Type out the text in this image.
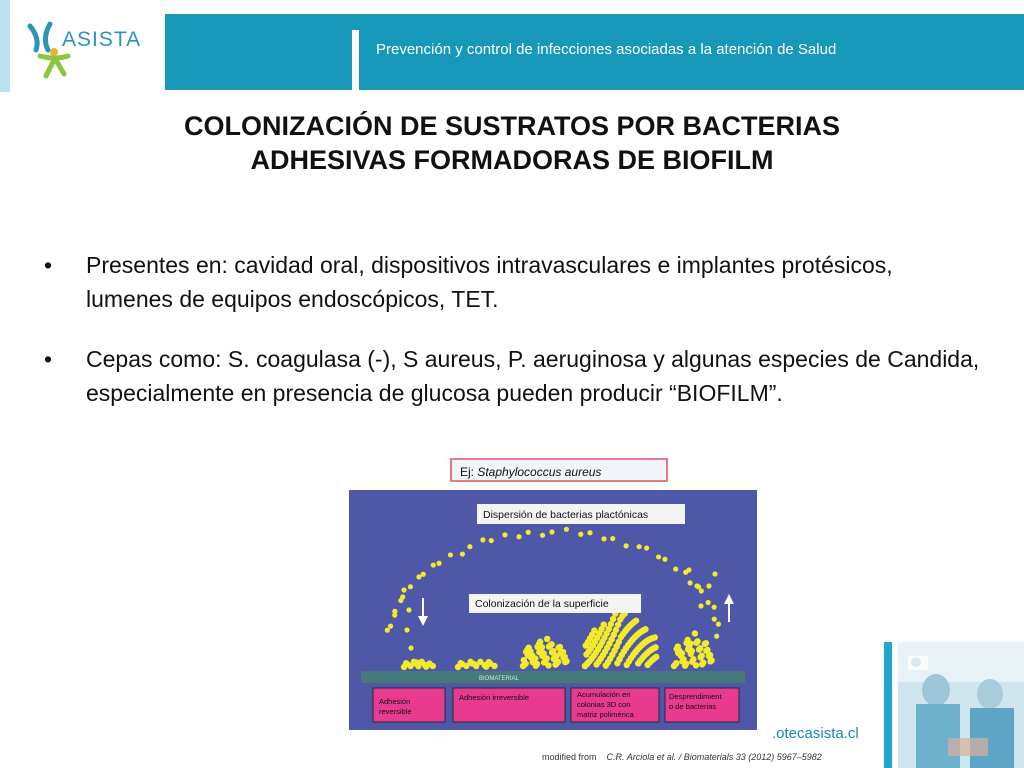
ASISTA	Prevención y control de infecciones asociadas a la atención de Salud
COLONIZACIÓN DE SUSTRATOS POR BACTERIAS
ADHESIVAS FORMADORAS DE BIOFILM
• Presentes en: cavidad oral, dispositivos intravasculares e implantes protésicos, lumenes de equipos endoscópicos, TET.
• Cepas como: S. coagulasa (-), S aureus, P. aeruginosa y algunas especies de Candida, especialmente en presencia de glucosa pueden producir “BIOFILM”.
Ej: Staphylococcus aureus
Dispersión de bacterias plactónicas
Colonización de la superficie
BIOMATERIAL
Adhesión
reversible
Adhesión irreversible	Acumulación en
colonias 3D con
matriz polimérica
Desprendimient
o de bacterias
.otecasista.cl
modified from C.R. Arciola et al. / Biomaterials 33 (2012) 5967–5982
